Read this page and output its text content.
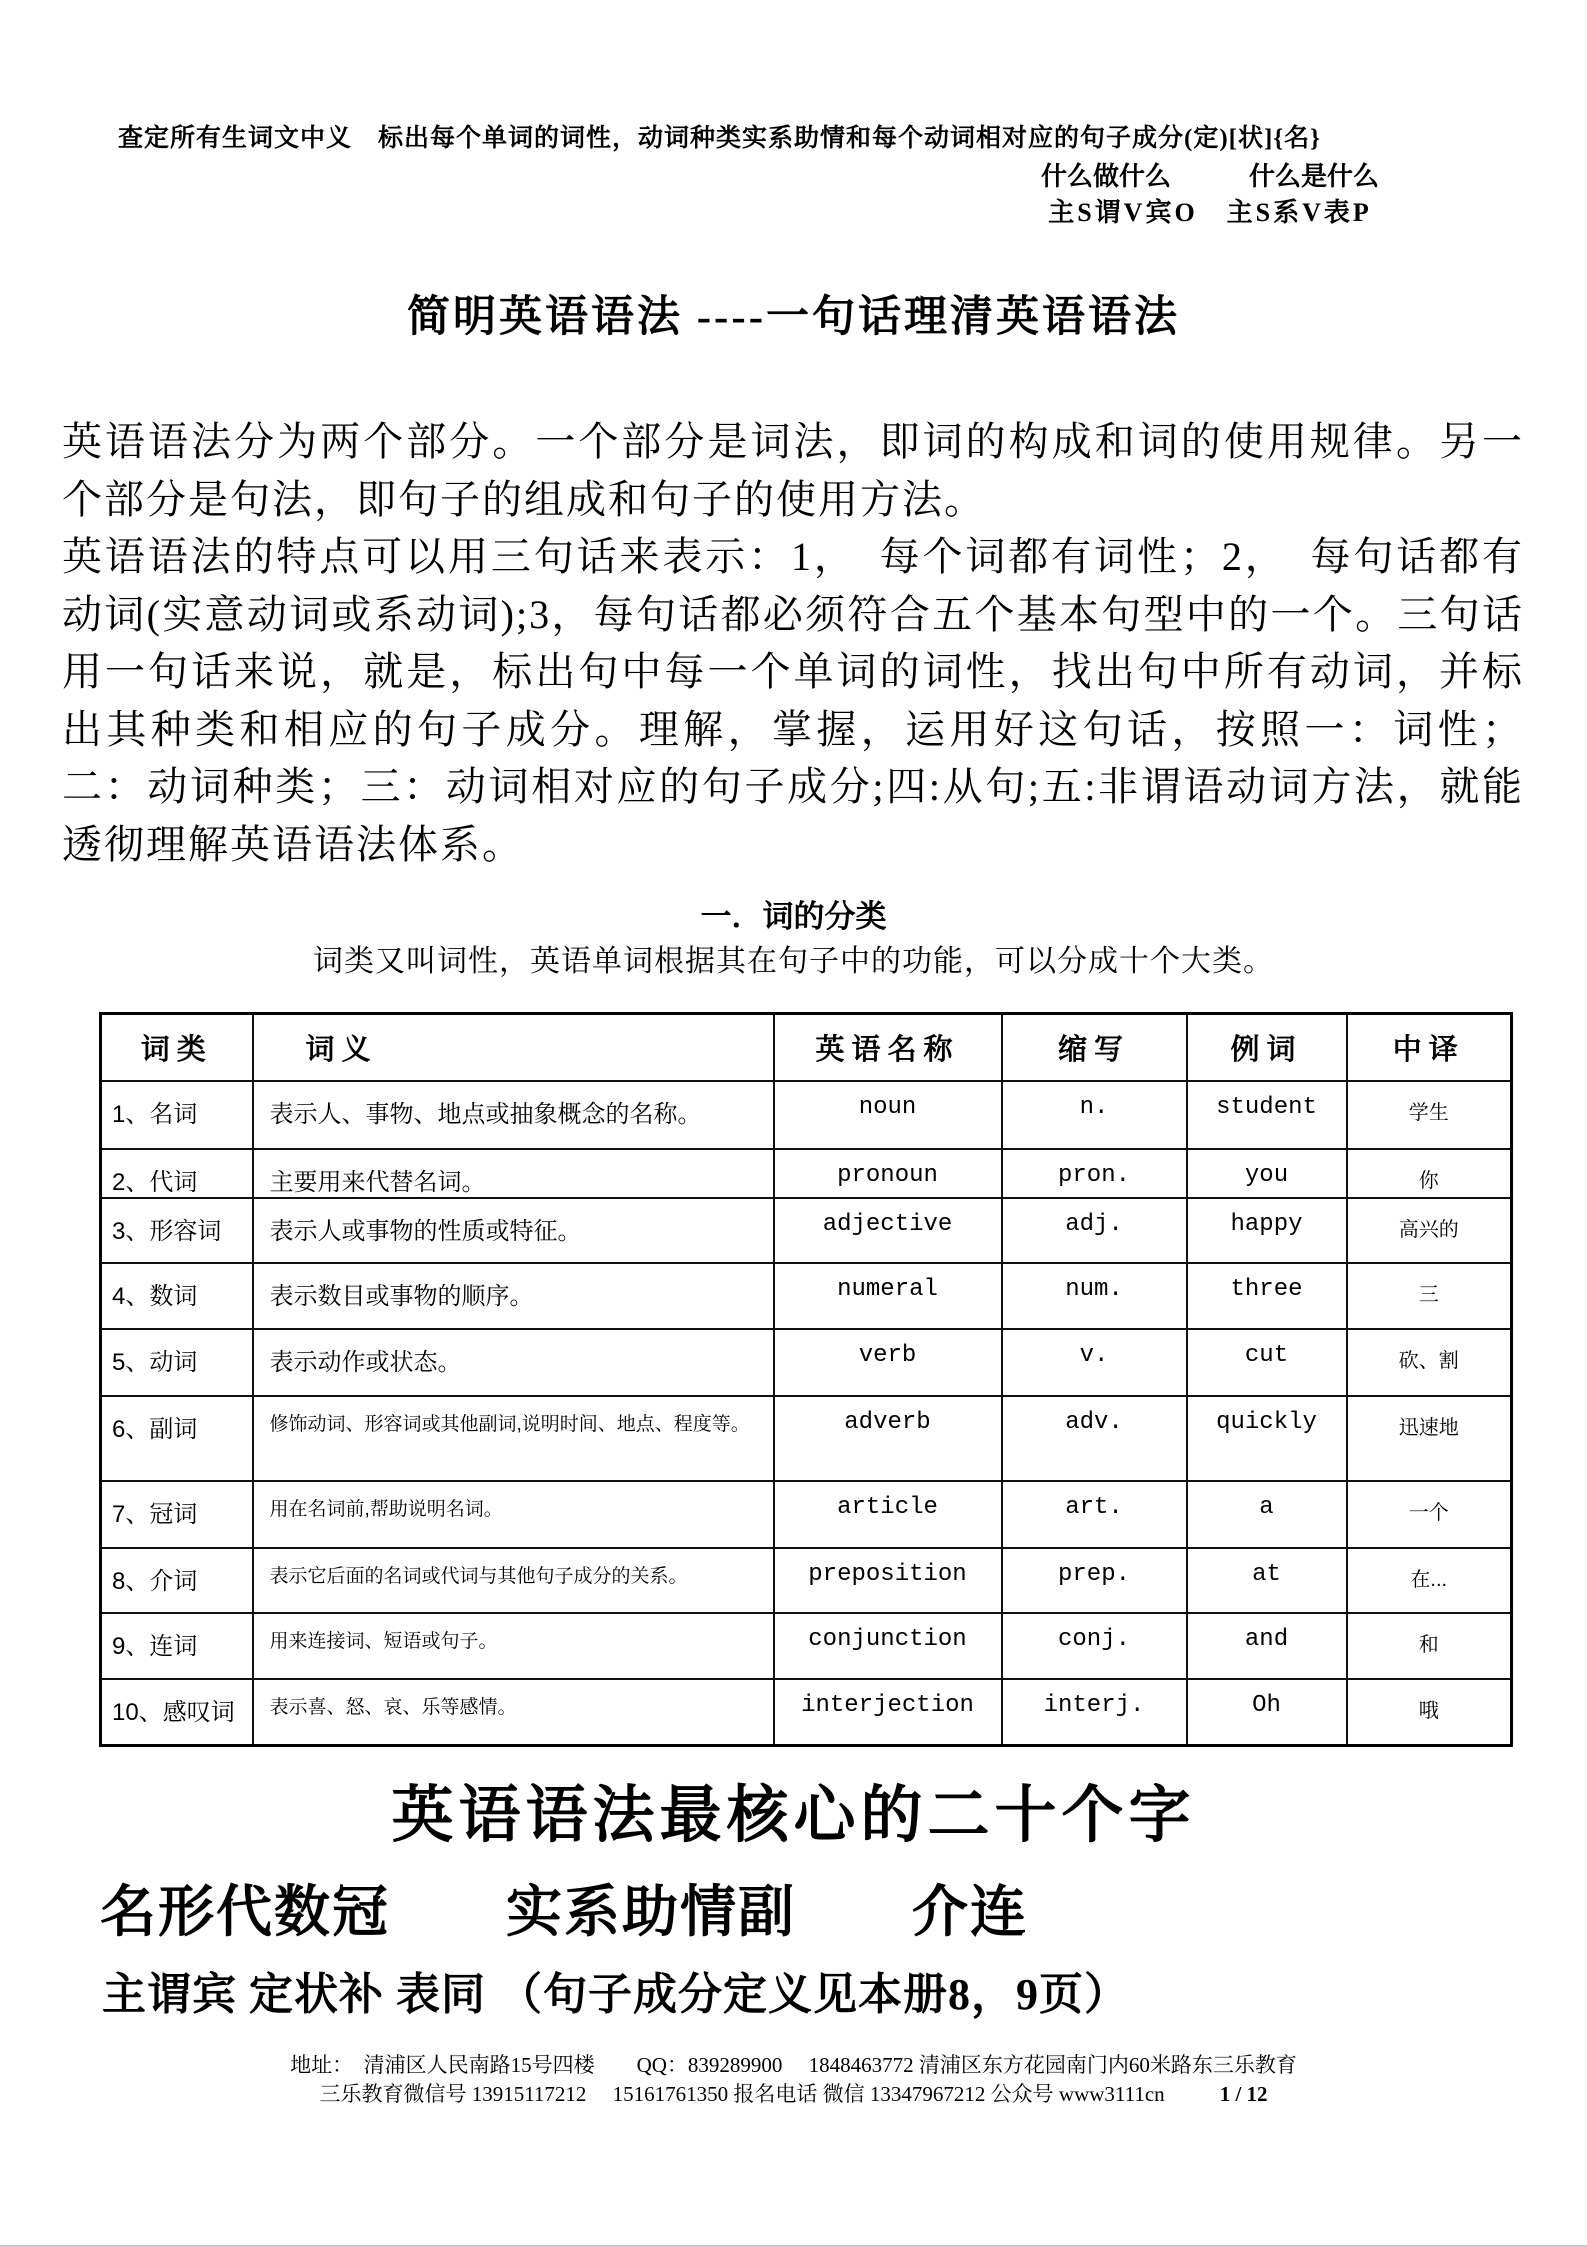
查定所有生词文中义　标出每个单词的词性，动词种类实系助情和每个动词相对应的句子成分(定)[状]{名}
什么做什么　　　什么是什么
主S谓V宾O　主S系V表P
简明英语语法 ----一句话理清英语语法

英语语法分为两个部分。一个部分是词法，即词的构成和词的使用规律。另一个部分是句法，即句子的组成和句子的使用方法。

英语语法的特点可以用三句话来表示：1，　每个词都有词性；2，　每句话都有动词(实意动词或系动词);3，每句话都必须符合五个基本句型中的一个。三句话用一句话来说，就是，标出句中每一个单词的词性，找出句中所有动词，并标出其种类和相应的句子成分。理解，掌握，运用好这句话，按照一：词性；二：动词种类；三：动词相对应的句子成分;四:从句;五:非谓语动词方法，就能透彻理解英语语法体系。

一．词的分类
词类又叫词性，英语单词根据其在句子中的功能，可以分成十个大类。
词类	词义	英语名称	缩写	例词	中译
1、名词	表示人、事物、地点或抽象概念的名称。	noun	n.	student	学生
2、代词	主要用来代替名词。	pronoun	pron.	you	你
3、形容词	表示人或事物的性质或特征。	adjective	adj.	happy	高兴的
4、数词	表示数目或事物的顺序。	numeral	num.	three	三
5、动词	表示动作或状态。	verb	v.	cut	砍、割
6、副词	修饰动词、形容词或其他副词,说明时间、地点、程度等。	adverb	adv.	quickly	迅速地
7、冠词	用在名词前,帮助说明名词。	article	art.	a	一个
8、介词	表示它后面的名词或代词与其他句子成分的关系。	preposition	prep.	at	在...
9、连词	用来连接词、短语或句子。	conjunction	conj.	and	和
10、感叹词	表示喜、怒、哀、乐等感情。	interjection	interj.	Oh	哦
英语语法最核心的二十个字
名形代数冠　　实系助情副　　介连
主谓宾 定状补 表同 （句子成分定义见本册8，9页）
地址：　清浦区人民南路15号四楼　　QQ：839289900　 1848463772 清浦区东方花园南门内60米路东三乐教育
三乐教育微信号 13915117212　 15161761350 报名电话 微信 13347967212 公众号 www3111cn	1 / 12
